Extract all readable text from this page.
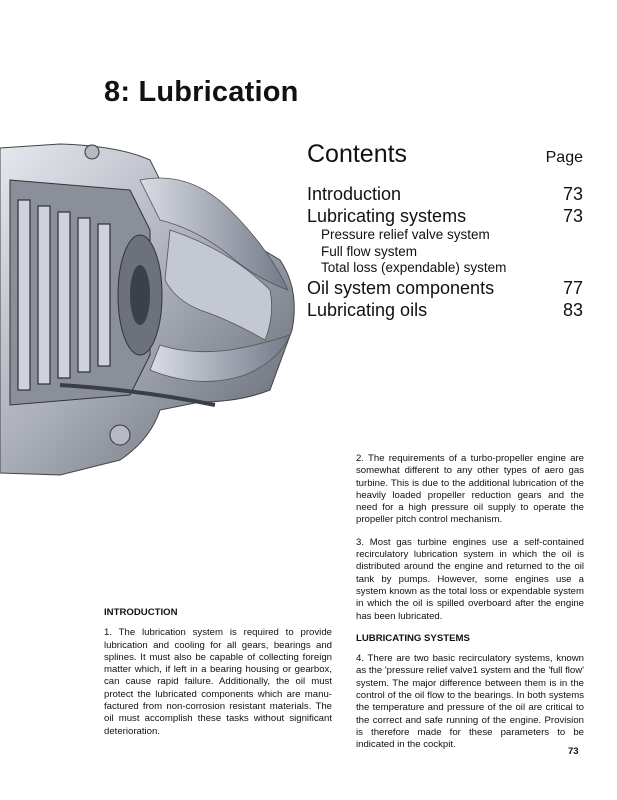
8: Lubrication
Contents	Page
Introduction	73
Lubricating systems	73
Pressure relief valve system
Full flow system
Total loss (expendable) system
Oil system components	77
Lubricating oils	83

2. The requirements of a turbo-propeller engine are somewhat different to any other types of aero gas turbine. This is due to the additional lubrication of the heavily loaded propeller reduction gears and the need for a high pressure oil supply to operate the propeller pitch control mechanism.

3. Most gas turbine engines use a self-contained recirculatory lubrication system in which the oil is distributed around the engine and returned to the oil tank by pumps. However, some engines use a system known as the total loss or expendable system in which the oil is spilled overboard after the engine has been lubricated.

LUBRICATING SYSTEMS

4. There are two basic recirculatory systems, known as the 'pressure relief valve1 system and the 'full flow' system. The major difference between them is in the control of the oil flow to the bearings. In both systems the temperature and pressure of the oil are critical to the correct and safe running of the engine. Provision is therefore made for these parameters to be indicated in the cockpit.

INTRODUCTION

1. The lubrication system is required to provide lubrication and cooling for all gears, bearings and splines. It must also be capable of collecting foreign matter which, if left in a bearing housing or gearbox, can cause rapid failure. Additionally, the oil must protect the lubricated components which are manu-factured from non-corrosion resistant materials. The oil must accomplish these tasks without significant deterioration.

73
